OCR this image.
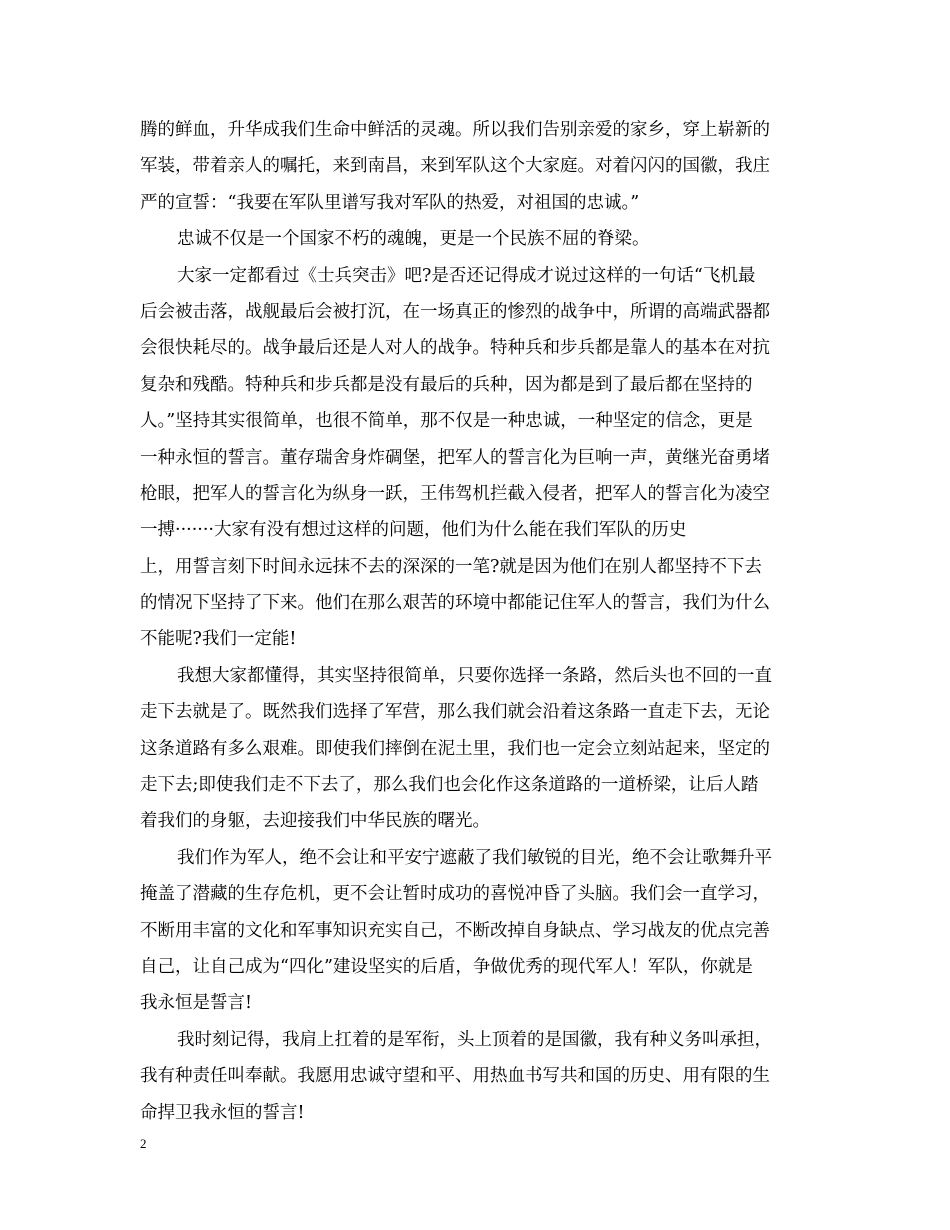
腾的鲜血，升华成我们生命中鲜活的灵魂。所以我们告别亲爱的家乡，穿上崭新的
军装，带着亲人的嘱托，来到南昌，来到军队这个大家庭。对着闪闪的国徽，我庄
严的宣誓：“我要在军队里谱写我对军队的热爱，对祖国的忠诚。”
忠诚不仅是一个国家不朽的魂魄，更是一个民族不屈的脊梁。
大家一定都看过《士兵突击》吧?是否还记得成才说过这样的一句话“飞机最
后会被击落，战舰最后会被打沉，在一场真正的惨烈的战争中，所谓的高端武器都
会很快耗尽的。战争最后还是人对人的战争。特种兵和步兵都是靠人的基本在对抗
复杂和残酷。特种兵和步兵都是没有最后的兵种，因为都是到了最后都在坚持的
人。”坚持其实很简单，也很不简单，那不仅是一种忠诚，一种坚定的信念，更是
一种永恒的誓言。董存瑞舍身炸碉堡，把军人的誓言化为巨响一声，黄继光奋勇堵
枪眼，把军人的誓言化为纵身一跃，王伟驾机拦截入侵者，把军人的誓言化为凌空
一搏·······大家有没有想过这样的问题，他们为什么能在我们军队的历史
上，用誓言刻下时间永远抹不去的深深的一笔?就是因为他们在别人都坚持不下去
的情况下坚持了下来。他们在那么艰苦的环境中都能记住军人的誓言，我们为什么
不能呢?我们一定能!
我想大家都懂得，其实坚持很简单，只要你选择一条路，然后头也不回的一直
走下去就是了。既然我们选择了军营，那么我们就会沿着这条路一直走下去，无论
这条道路有多么艰难。即使我们摔倒在泥土里，我们也一定会立刻站起来，坚定的
走下去;即使我们走不下去了，那么我们也会化作这条道路的一道桥梁，让后人踏
着我们的身躯，去迎接我们中华民族的曙光。
我们作为军人，绝不会让和平安宁遮蔽了我们敏锐的目光，绝不会让歌舞升平
掩盖了潜藏的生存危机，更不会让暂时成功的喜悦冲昏了头脑。我们会一直学习，
不断用丰富的文化和军事知识充实自己，不断改掉自身缺点、学习战友的优点完善
自己，让自己成为“四化”建设坚实的后盾，争做优秀的现代军人！军队，你就是
我永恒是誓言!
我时刻记得，我肩上扛着的是军衔，头上顶着的是国徽，我有种义务叫承担，
我有种责任叫奉献。我愿用忠诚守望和平、用热血书写共和国的历史、用有限的生
命捍卫我永恒的誓言!
2
